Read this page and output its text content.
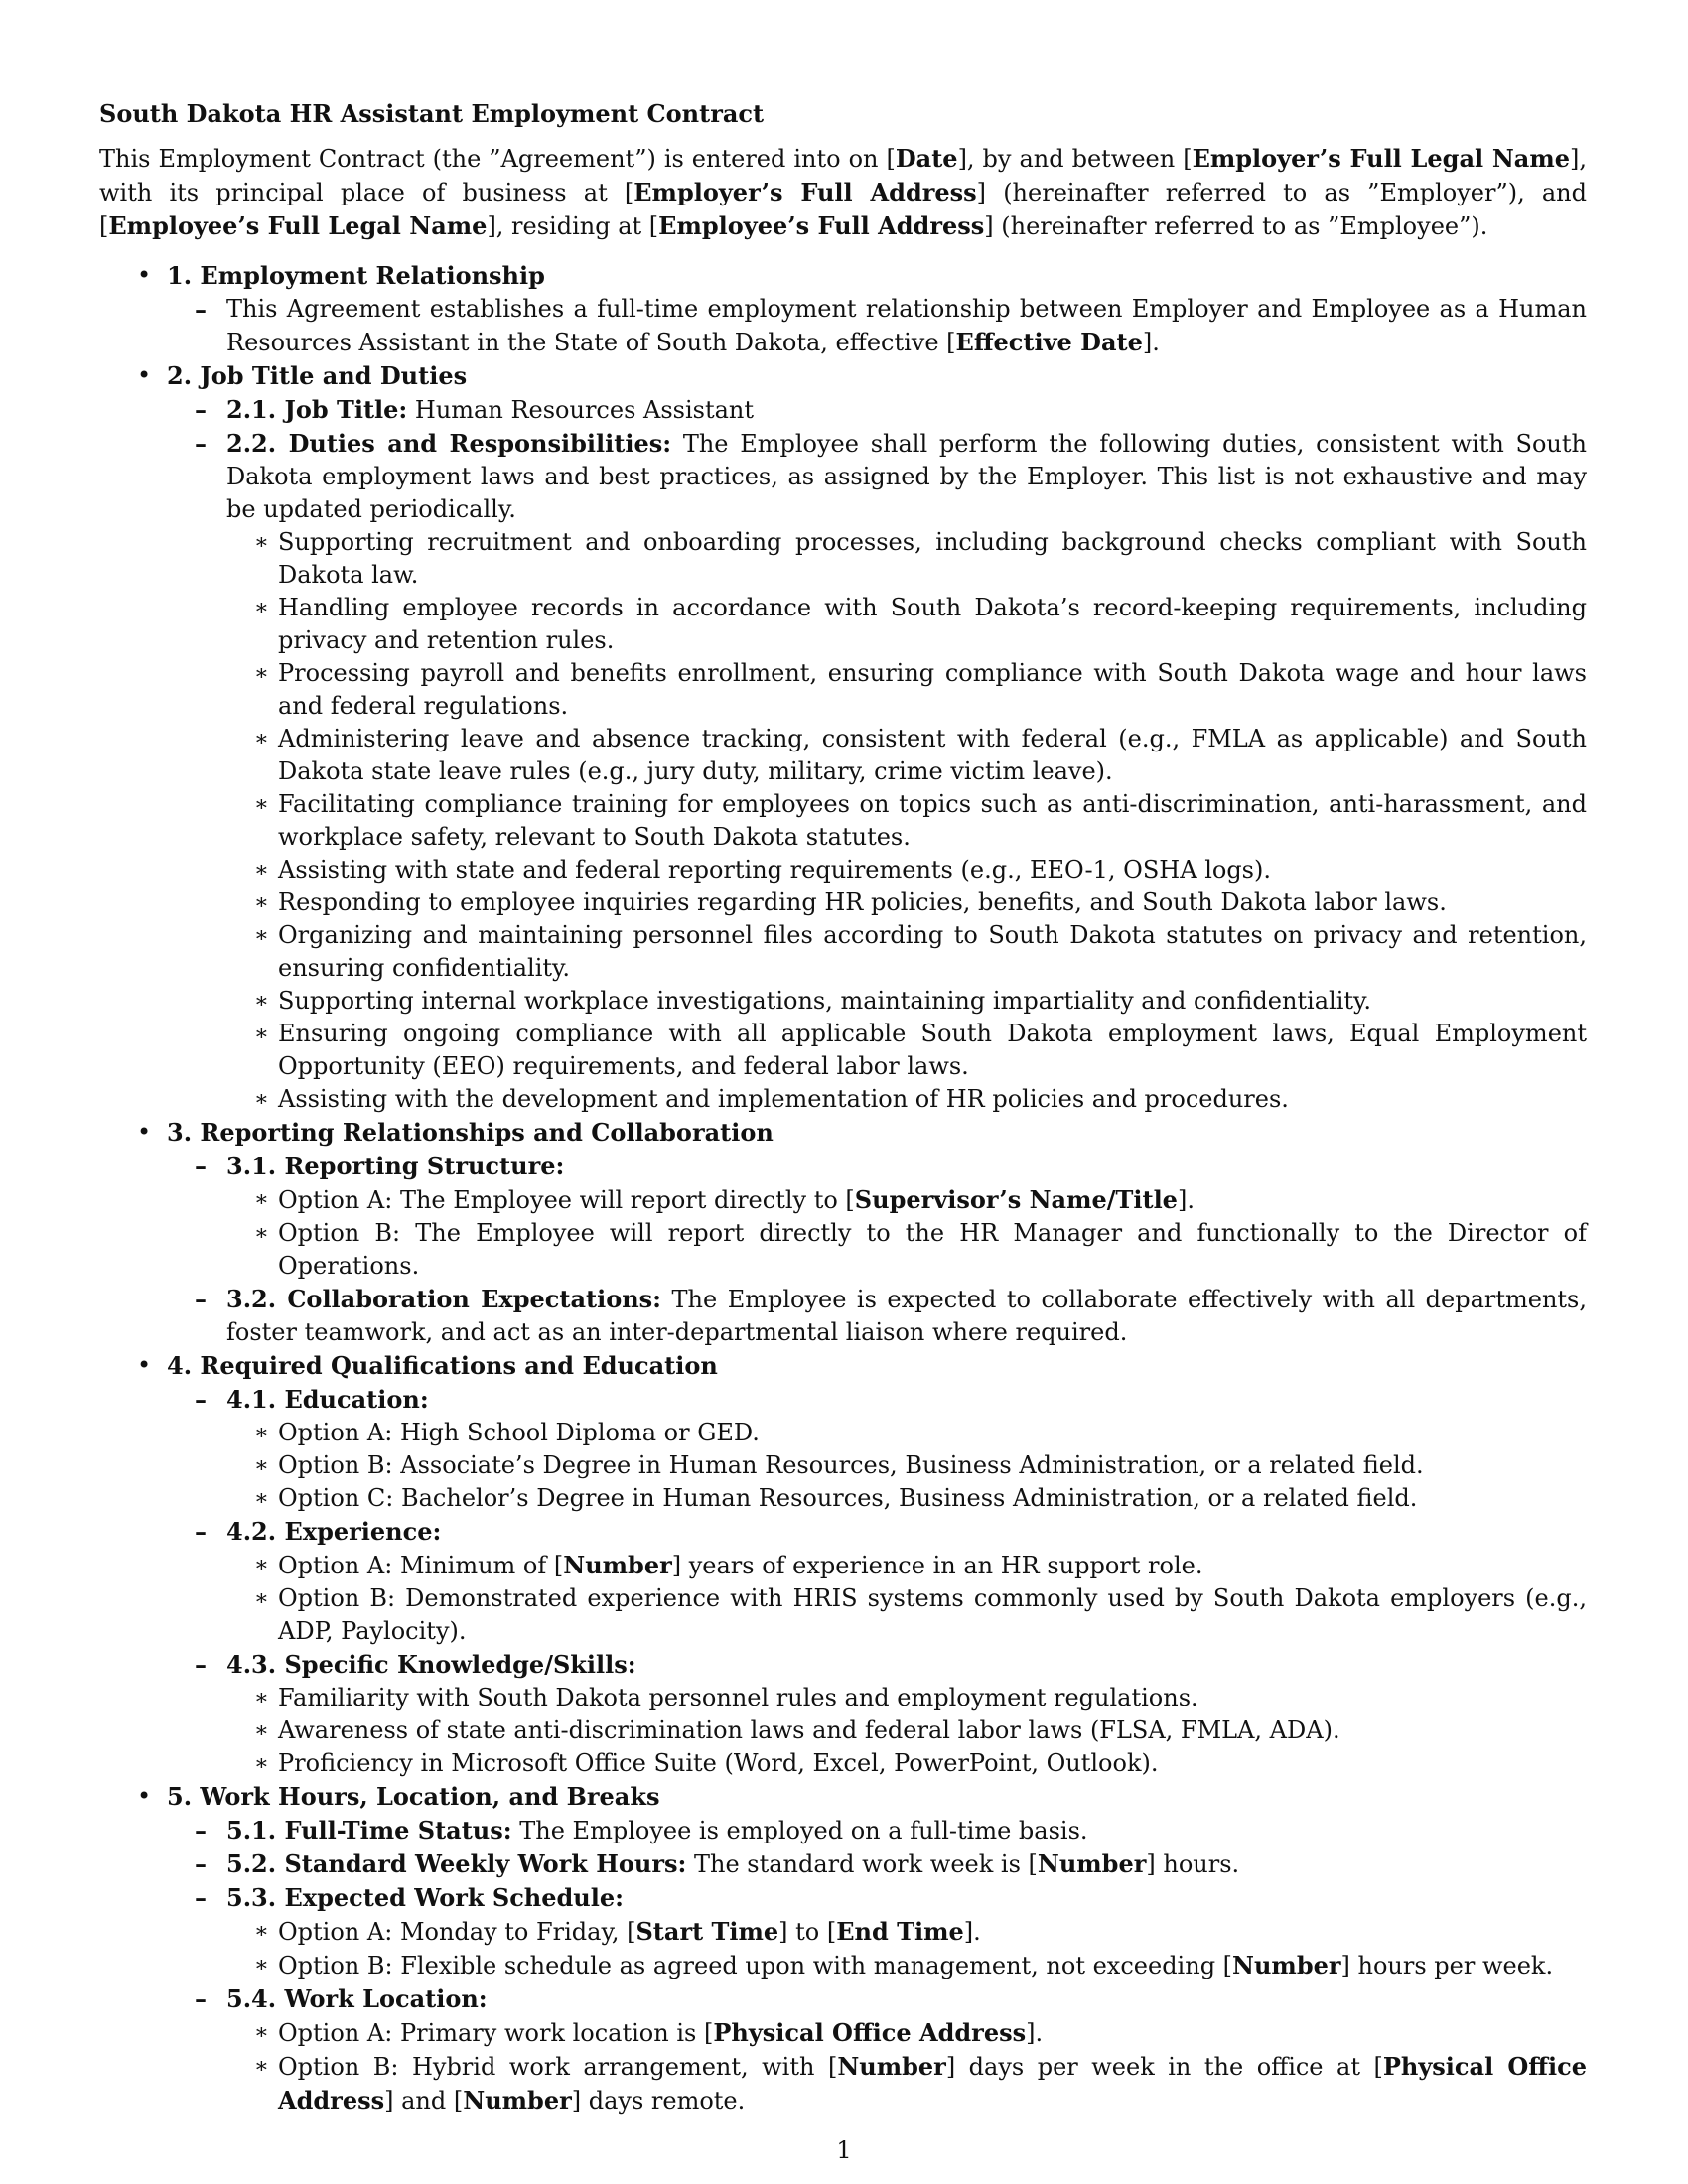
South Dakota HR Assistant Employment Contract

This Employment Contract (the ”Agreement”) is entered into on [Date], by and between [Employer’s Full Legal Name], with its principal place of business at [Employer’s Full Address] (hereinafter referred to as ”Employer”), and [Employee’s Full Legal Name], residing at [Employee’s Full Address] (hereinafter referred to as ”Employee”).

• 1. Employment Relationship
– This Agreement establishes a full-time employment relationship between Employer and Employee as a Human Resources Assistant in the State of South Dakota, effective [Effective Date].
• 2. Job Title and Duties
– 2.1. Job Title: Human Resources Assistant
– 2.2. Duties and Responsibilities: The Employee shall perform the following duties, consistent with South Dakota employment laws and best practices, as assigned by the Employer. This list is not exhaustive and may be updated periodically.
∗ Supporting recruitment and onboarding processes, including background checks compliant with South Dakota law.
∗ Handling employee records in accordance with South Dakota’s record-keeping requirements, including privacy and retention rules.
∗ Processing payroll and benefits enrollment, ensuring compliance with South Dakota wage and hour laws and federal regulations.
∗ Administering leave and absence tracking, consistent with federal (e.g., FMLA as applicable) and South Dakota state leave rules (e.g., jury duty, military, crime victim leave).
∗ Facilitating compliance training for employees on topics such as anti-discrimination, anti-harassment, and workplace safety, relevant to South Dakota statutes.
∗ Assisting with state and federal reporting requirements (e.g., EEO-1, OSHA logs).
∗ Responding to employee inquiries regarding HR policies, benefits, and South Dakota labor laws.
∗ Organizing and maintaining personnel files according to South Dakota statutes on privacy and retention, ensuring confidentiality.
∗ Supporting internal workplace investigations, maintaining impartiality and confidentiality.
∗ Ensuring ongoing compliance with all applicable South Dakota employment laws, Equal Employment Opportunity (EEO) requirements, and federal labor laws.
∗ Assisting with the development and implementation of HR policies and procedures.
• 3. Reporting Relationships and Collaboration
– 3.1. Reporting Structure:
∗ Option A: The Employee will report directly to [Supervisor’s Name/Title].
∗ Option B: The Employee will report directly to the HR Manager and functionally to the Director of Operations.
– 3.2. Collaboration Expectations: The Employee is expected to collaborate effectively with all departments, foster teamwork, and act as an inter-departmental liaison where required.
• 4. Required Qualifications and Education
– 4.1. Education:
∗ Option A: High School Diploma or GED.
∗ Option B: Associate’s Degree in Human Resources, Business Administration, or a related field.
∗ Option C: Bachelor’s Degree in Human Resources, Business Administration, or a related field.
– 4.2. Experience:
∗ Option A: Minimum of [Number] years of experience in an HR support role.
∗ Option B: Demonstrated experience with HRIS systems commonly used by South Dakota employers (e.g., ADP, Paylocity).
– 4.3. Specific Knowledge/Skills:
∗ Familiarity with South Dakota personnel rules and employment regulations.
∗ Awareness of state anti-discrimination laws and federal labor laws (FLSA, FMLA, ADA).
∗ Proficiency in Microsoft Office Suite (Word, Excel, PowerPoint, Outlook).
• 5. Work Hours, Location, and Breaks
– 5.1. Full-Time Status: The Employee is employed on a full-time basis.
– 5.2. Standard Weekly Work Hours: The standard work week is [Number] hours.
– 5.3. Expected Work Schedule:
∗ Option A: Monday to Friday, [Start Time] to [End Time].
∗ Option B: Flexible schedule as agreed upon with management, not exceeding [Number] hours per week.
– 5.4. Work Location:
∗ Option A: Primary work location is [Physical Office Address].
∗ Option B: Hybrid work arrangement, with [Number] days per week in the office at [Physical Office Address] and [Number] days remote.
1
